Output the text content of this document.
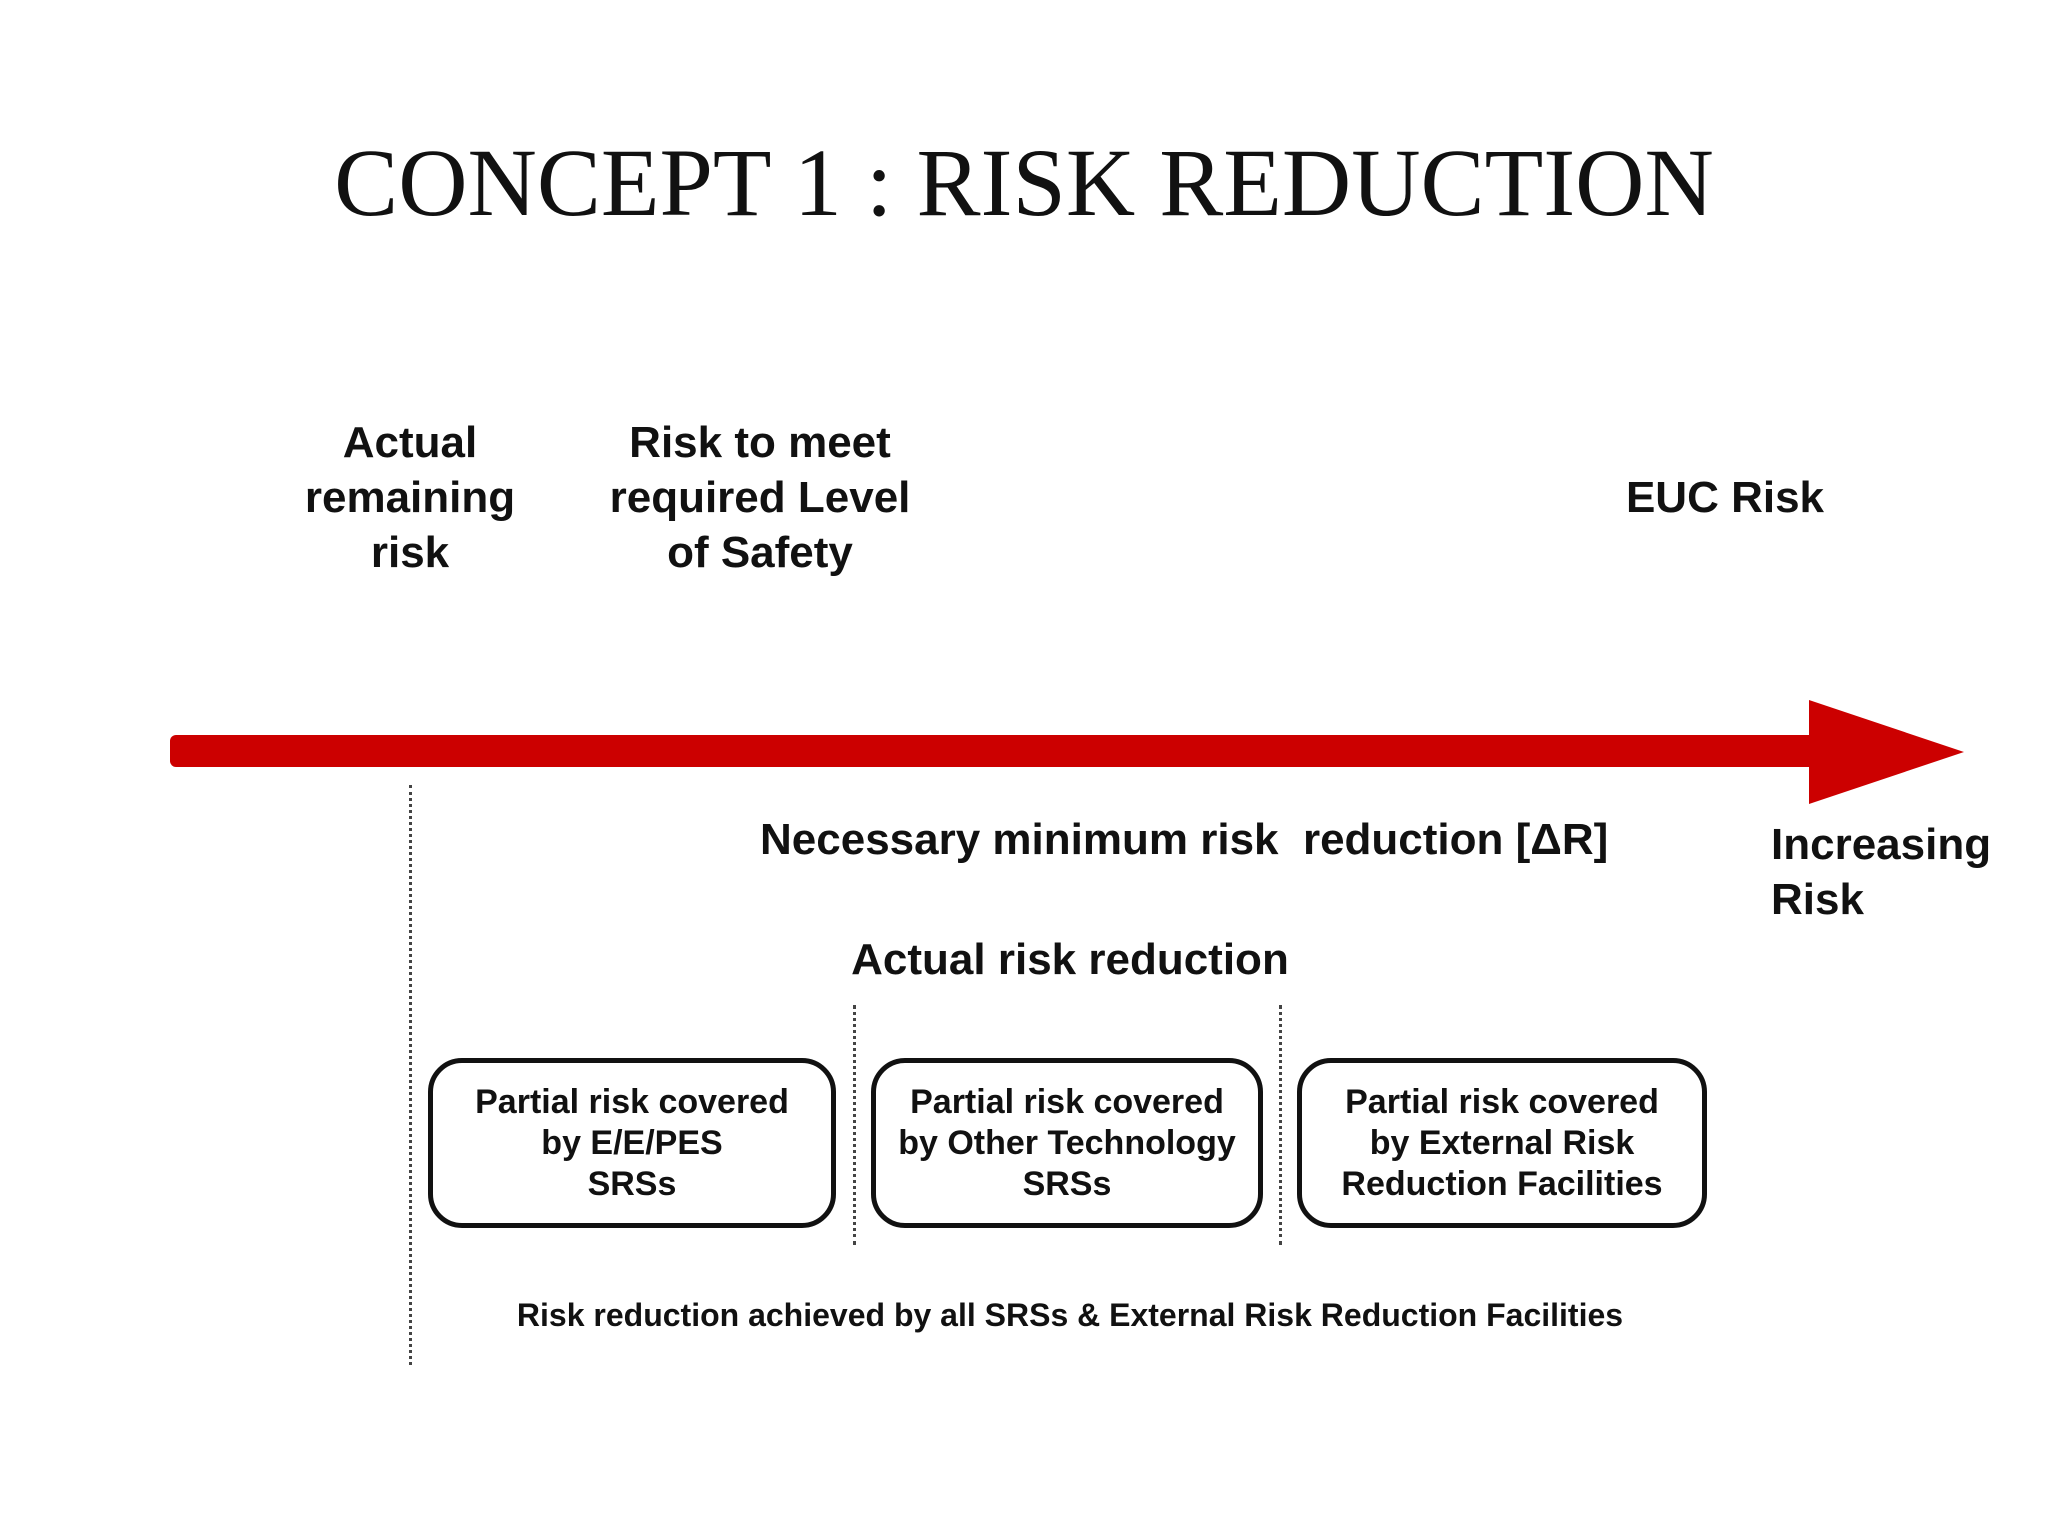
CONCEPT 1 : RISK REDUCTION
Actual
remaining
risk
Risk to meet
required Level
of Safety
EUC Risk
Necessary minimum risk  reduction [ΔR]	Increasing
Risk
Actual risk reduction
Partial risk covered
by E/E/PES
SRSs
Partial risk covered
by Other Technology
SRSs
Partial risk covered
by External Risk
Reduction Facilities
Risk reduction achieved by all SRSs & External Risk Reduction Facilities
